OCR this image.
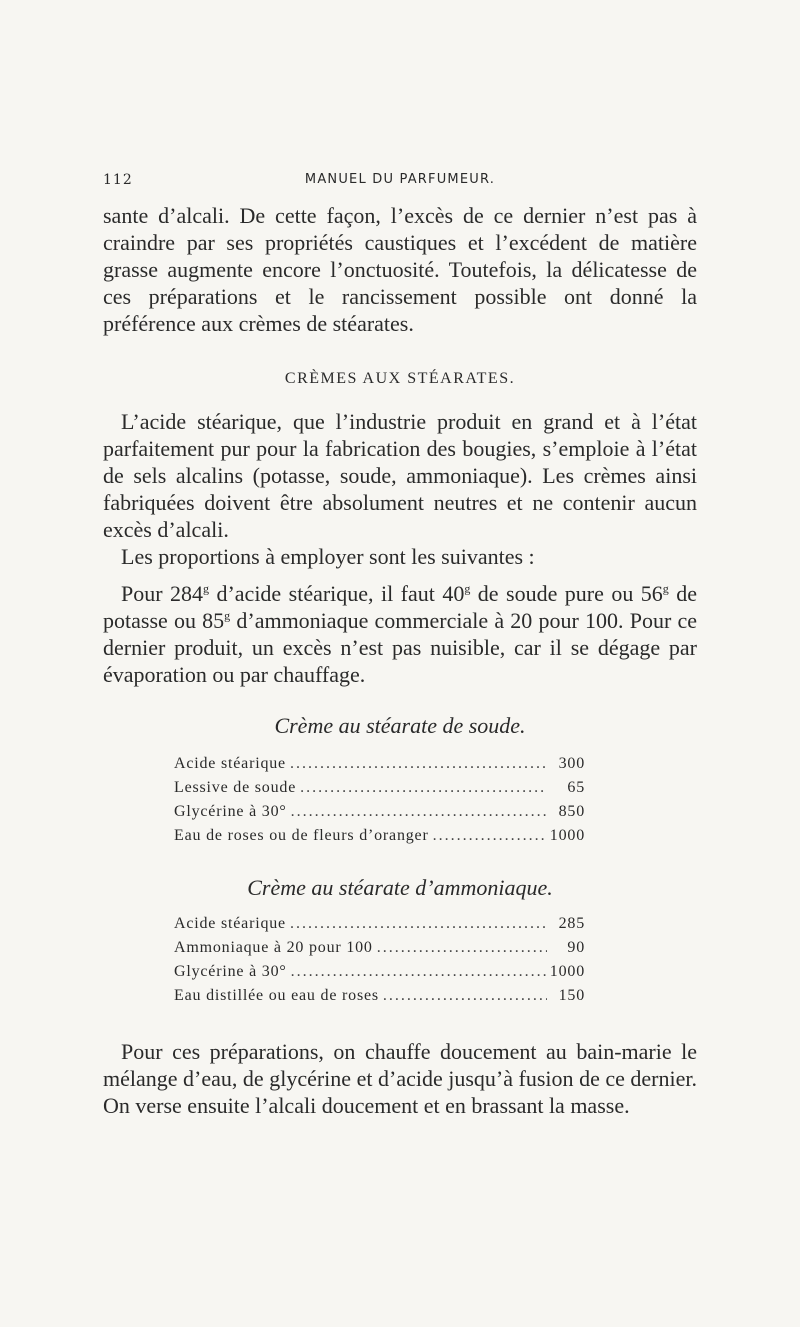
112	MANUEL DU PARFUMEUR.

sante d’alcali. De cette façon, l’excès de ce dernier n’est pas à craindre par ses propriétés caustiques et l’excédent de matière grasse augmente encore l’onctuosité. Toutefois, la délicatesse de ces préparations et le rancissement possible ont donné la préférence aux crèmes de stéarates.

CRÈMES AUX STÉARATES.

L’acide stéarique, que l’industrie produit en grand et à l’état parfaitement pur pour la fabrication des bougies, s’emploie à l’état de sels alcalins (potasse, soude, ammoniaque). Les crèmes ainsi fabriquées doivent être absolument neutres et ne contenir aucun excès d’alcali.

Les proportions à employer sont les suivantes :

Pour 284$^g$ d’acide stéarique, il faut 40$^g$ de soude pure ou 56$^g$ de potasse ou 85$^g$ d’ammoniaque commerciale à 20 pour 100. Pour ce dernier produit, un excès n’est pas nuisible, car il se dégage par évaporation ou par chauffage.

Crème au stéarate de soude.
Acide stéarique .....	300
Lessive de soude .....	65
Glycérine à 30° .....	850
Eau de roses ou de fleurs d’oranger .....	1000
Crème au stéarate d’ammoniaque.
Acide stéarique .....	285
Ammoniaque à 20 pour 100 .....	90
Glycérine à 30° .....	1000
Eau distillée ou eau de roses .....	150

Pour ces préparations, on chauffe doucement au bain-marie le mélange d’eau, de glycérine et d’acide jusqu’à fusion de ce dernier. On verse ensuite l’alcali doucement et en brassant la masse.
